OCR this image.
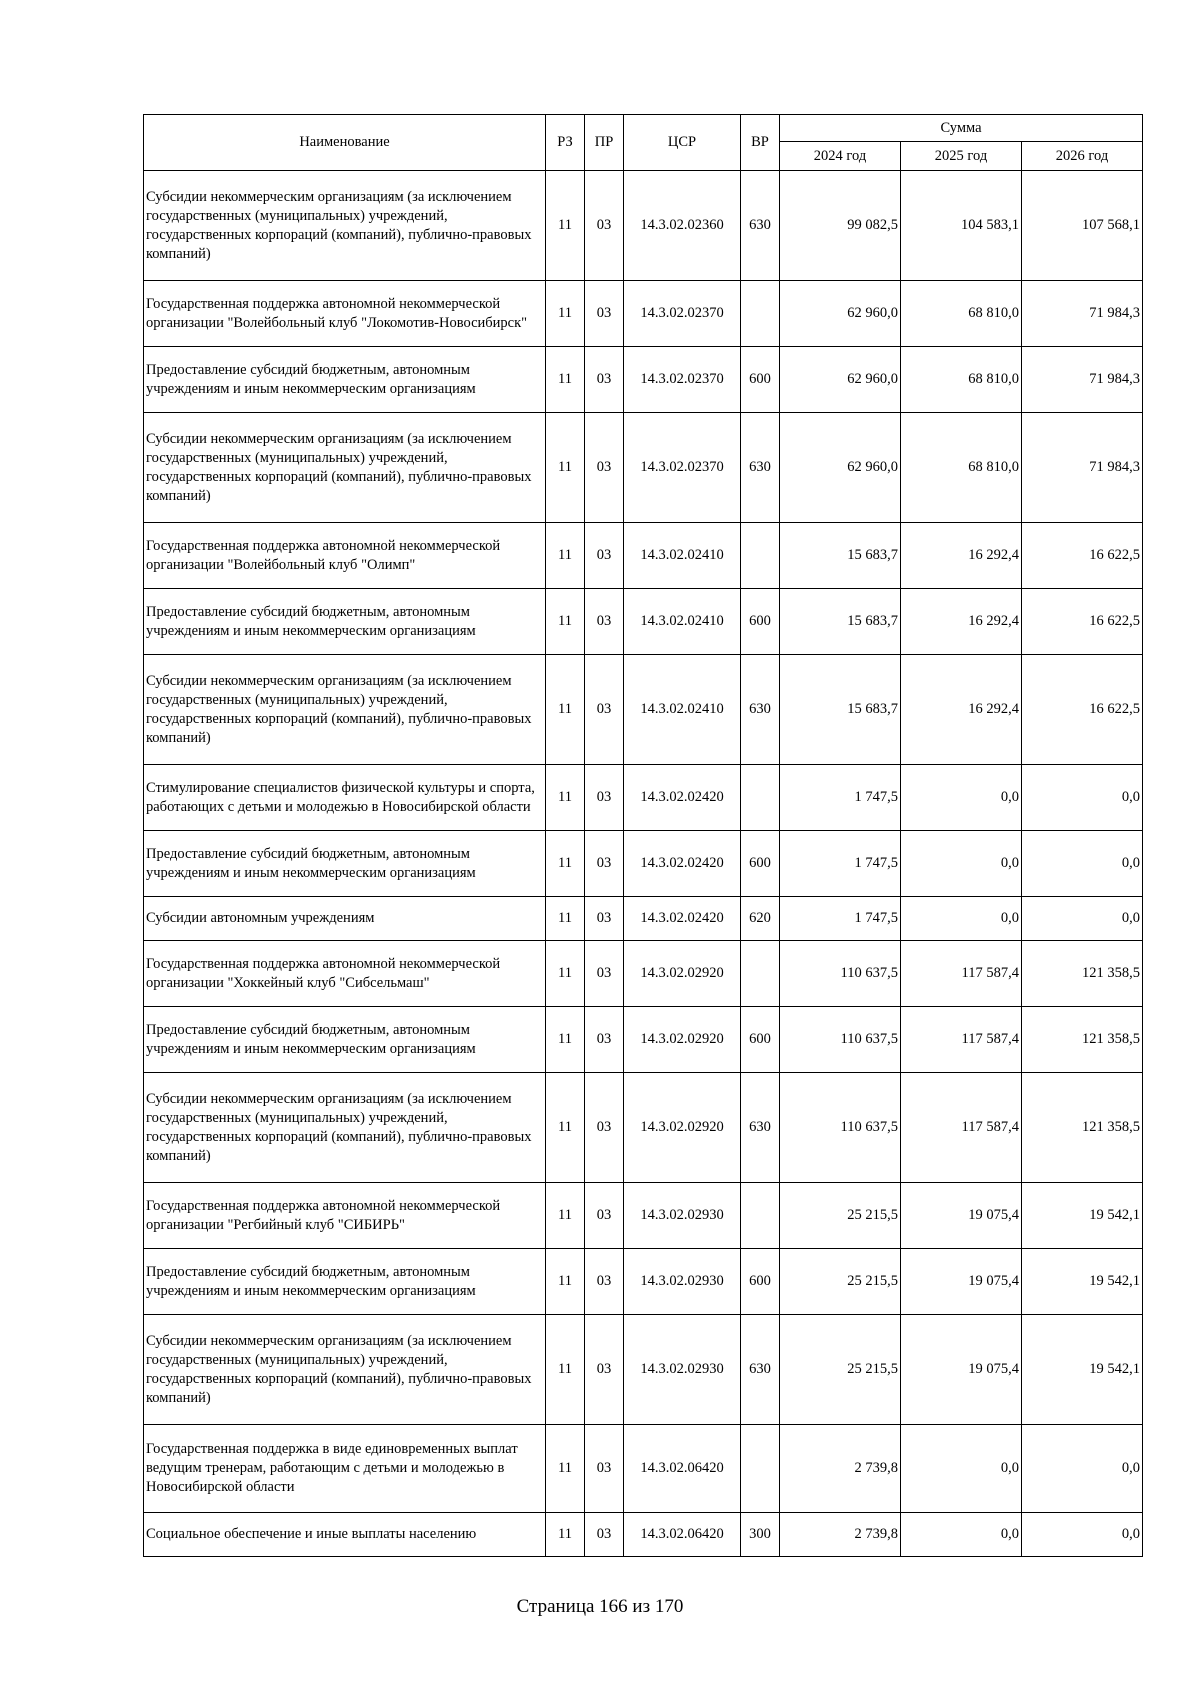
Наименование	РЗ	ПР	ЦСР	ВР	Сумма		
					2024 год	2025 год	2026 год
Субсидии некоммерческим организациям (за исключением государственных (муниципальных) учреждений, государственных корпораций (компаний), публично-правовых компаний)	11	03	14.3.02.02360	630	99 082,5	104 583,1	107 568,1
Государственная поддержка автономной некоммерческой организации "Волейбольный клуб "Локомотив-Новосибирск"	11	03	14.3.02.02370		62 960,0	68 810,0	71 984,3
Предоставление субсидий бюджетным, автономным учреждениям и иным некоммерческим организациям	11	03	14.3.02.02370	600	62 960,0	68 810,0	71 984,3
Субсидии некоммерческим организациям (за исключением государственных (муниципальных) учреждений, государственных корпораций (компаний), публично-правовых компаний)	11	03	14.3.02.02370	630	62 960,0	68 810,0	71 984,3
Государственная поддержка автономной некоммерческой организации "Волейбольный клуб "Олимп"	11	03	14.3.02.02410		15 683,7	16 292,4	16 622,5
Предоставление субсидий бюджетным, автономным учреждениям и иным некоммерческим организациям	11	03	14.3.02.02410	600	15 683,7	16 292,4	16 622,5
Субсидии некоммерческим организациям (за исключением государственных (муниципальных) учреждений, государственных корпораций (компаний), публично-правовых компаний)	11	03	14.3.02.02410	630	15 683,7	16 292,4	16 622,5
Стимулирование специалистов физической культуры и спорта, работающих с детьми и молодежью в Новосибирской области	11	03	14.3.02.02420		1 747,5	0,0	0,0
Предоставление субсидий бюджетным, автономным учреждениям и иным некоммерческим организациям	11	03	14.3.02.02420	600	1 747,5	0,0	0,0
Субсидии автономным учреждениям	11	03	14.3.02.02420	620	1 747,5	0,0	0,0
Государственная поддержка автономной некоммерческой организации "Хоккейный клуб "Сибсельмаш"	11	03	14.3.02.02920		110 637,5	117 587,4	121 358,5
Предоставление субсидий бюджетным, автономным учреждениям и иным некоммерческим организациям	11	03	14.3.02.02920	600	110 637,5	117 587,4	121 358,5
Субсидии некоммерческим организациям (за исключением государственных (муниципальных) учреждений, государственных корпораций (компаний), публично-правовых компаний)	11	03	14.3.02.02920	630	110 637,5	117 587,4	121 358,5
Государственная поддержка автономной некоммерческой организации "Регбийный клуб "СИБИРЬ"	11	03	14.3.02.02930		25 215,5	19 075,4	19 542,1
Предоставление субсидий бюджетным, автономным учреждениям и иным некоммерческим организациям	11	03	14.3.02.02930	600	25 215,5	19 075,4	19 542,1
Субсидии некоммерческим организациям (за исключением государственных (муниципальных) учреждений, государственных корпораций (компаний), публично-правовых компаний)	11	03	14.3.02.02930	630	25 215,5	19 075,4	19 542,1
Государственная поддержка в виде единовременных выплат ведущим тренерам, работающим с детьми и молодежью в Новосибирской области	11	03	14.3.02.06420		2 739,8	0,0	0,0
Социальное обеспечение и иные выплаты населению	11	03	14.3.02.06420	300	2 739,8	0,0	0,0
Страница 166 из 170
